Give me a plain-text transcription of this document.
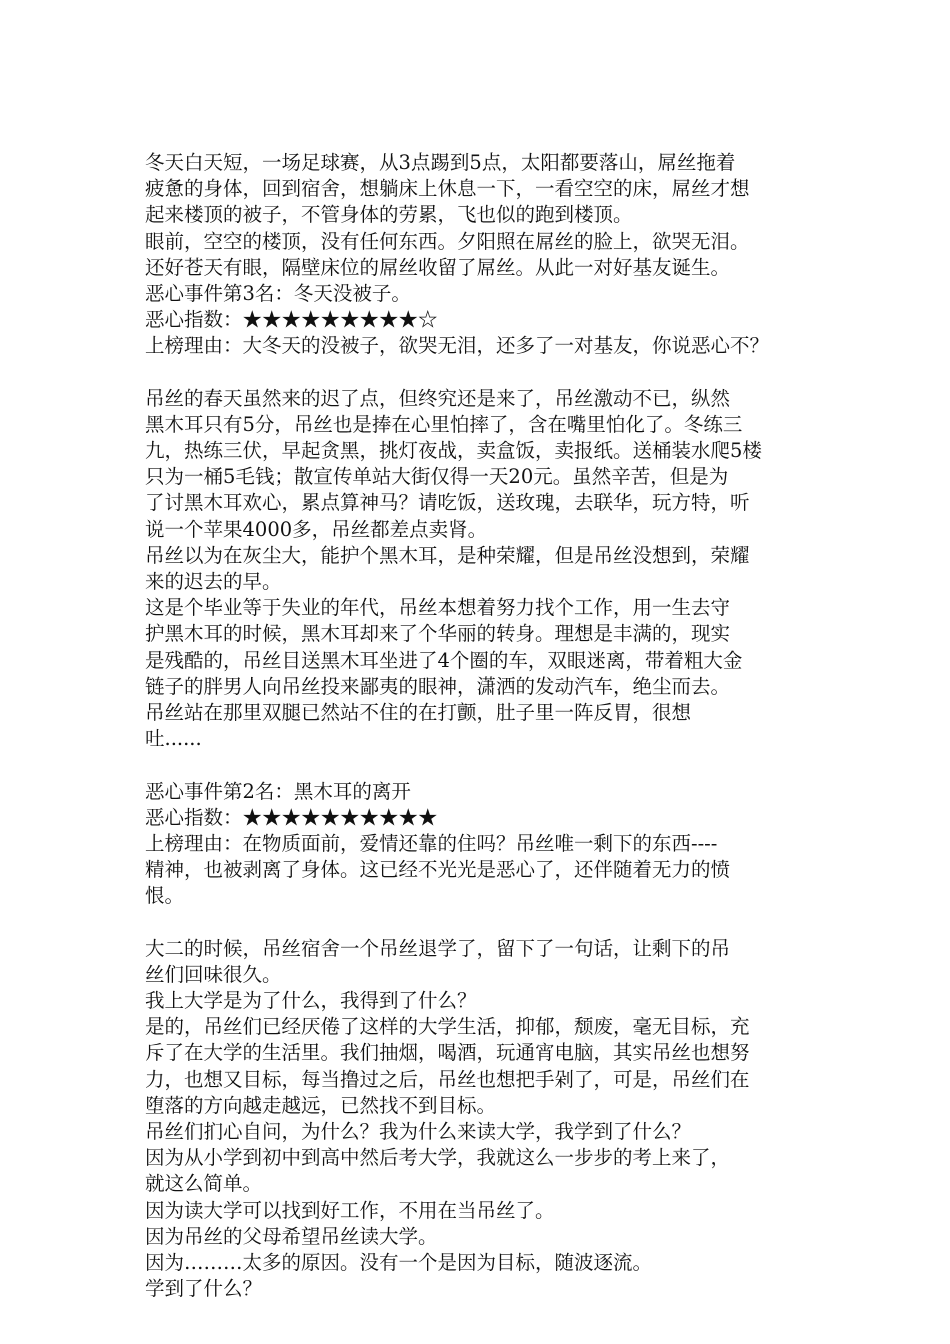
冬天白天短，一场足球赛，从3点踢到5点，太阳都要落山，屌丝拖着
疲惫的身体，回到宿舍，想躺床上休息一下，一看空空的床，屌丝才想
起来楼顶的被子，不管身体的劳累，飞也似的跑到楼顶。
眼前，空空的楼顶，没有任何东西。夕阳照在屌丝的脸上，欲哭无泪。
还好苍天有眼，隔壁床位的屌丝收留了屌丝。从此一对好基友诞生。
恶心事件第3名：冬天没被子。
恶心指数：★★★★★★★★★☆
上榜理由：大冬天的没被子，欲哭无泪，还多了一对基友，你说恶心不？
吊丝的春天虽然来的迟了点，但终究还是来了，吊丝激动不已，纵然
黑木耳只有5分，吊丝也是捧在心里怕摔了，含在嘴里怕化了。冬练三
九，热练三伏，早起贪黑，挑灯夜战，卖盒饭，卖报纸。送桶装水爬5楼
只为一桶5毛钱；散宣传单站大街仅得一天20元。虽然辛苦，但是为
了讨黑木耳欢心，累点算神马？请吃饭，送玫瑰，去联华，玩方特，听
说一个苹果4000多，吊丝都差点卖肾。
吊丝以为在灰尘大，能护个黑木耳，是种荣耀，但是吊丝没想到，荣耀
来的迟去的早。
这是个毕业等于失业的年代，吊丝本想着努力找个工作，用一生去守
护黑木耳的时候，黑木耳却来了个华丽的转身。理想是丰满的，现实
是残酷的，吊丝目送黑木耳坐进了4个圈的车，双眼迷离，带着粗大金
链子的胖男人向吊丝投来鄙夷的眼神，潇洒的发动汽车，绝尘而去。
吊丝站在那里双腿已然站不住的在打颤，肚子里一阵反胃，很想
吐......
恶心事件第2名：黑木耳的离开
恶心指数：★★★★★★★★★★
上榜理由：在物质面前，爱情还靠的住吗？吊丝唯一剩下的东西----
精神，也被剥离了身体。这已经不光光是恶心了，还伴随着无力的愤
恨。
大二的时候，吊丝宿舍一个吊丝退学了，留下了一句话，让剩下的吊
丝们回味很久。
我上大学是为了什么，我得到了什么？
是的，吊丝们已经厌倦了这样的大学生活，抑郁，颓废，毫无目标，充
斥了在大学的生活里。我们抽烟，喝酒，玩通宵电脑，其实吊丝也想努
力，也想又目标，每当撸过之后，吊丝也想把手剁了，可是，吊丝们在
堕落的方向越走越远，已然找不到目标。
吊丝们扪心自问，为什么？我为什么来读大学，我学到了什么？
因为从小学到初中到高中然后考大学，我就这么一步步的考上来了，
就这么简单。
因为读大学可以找到好工作，不用在当吊丝了。
因为吊丝的父母希望吊丝读大学。
因为………太多的原因。没有一个是因为目标，随波逐流。
学到了什么？
